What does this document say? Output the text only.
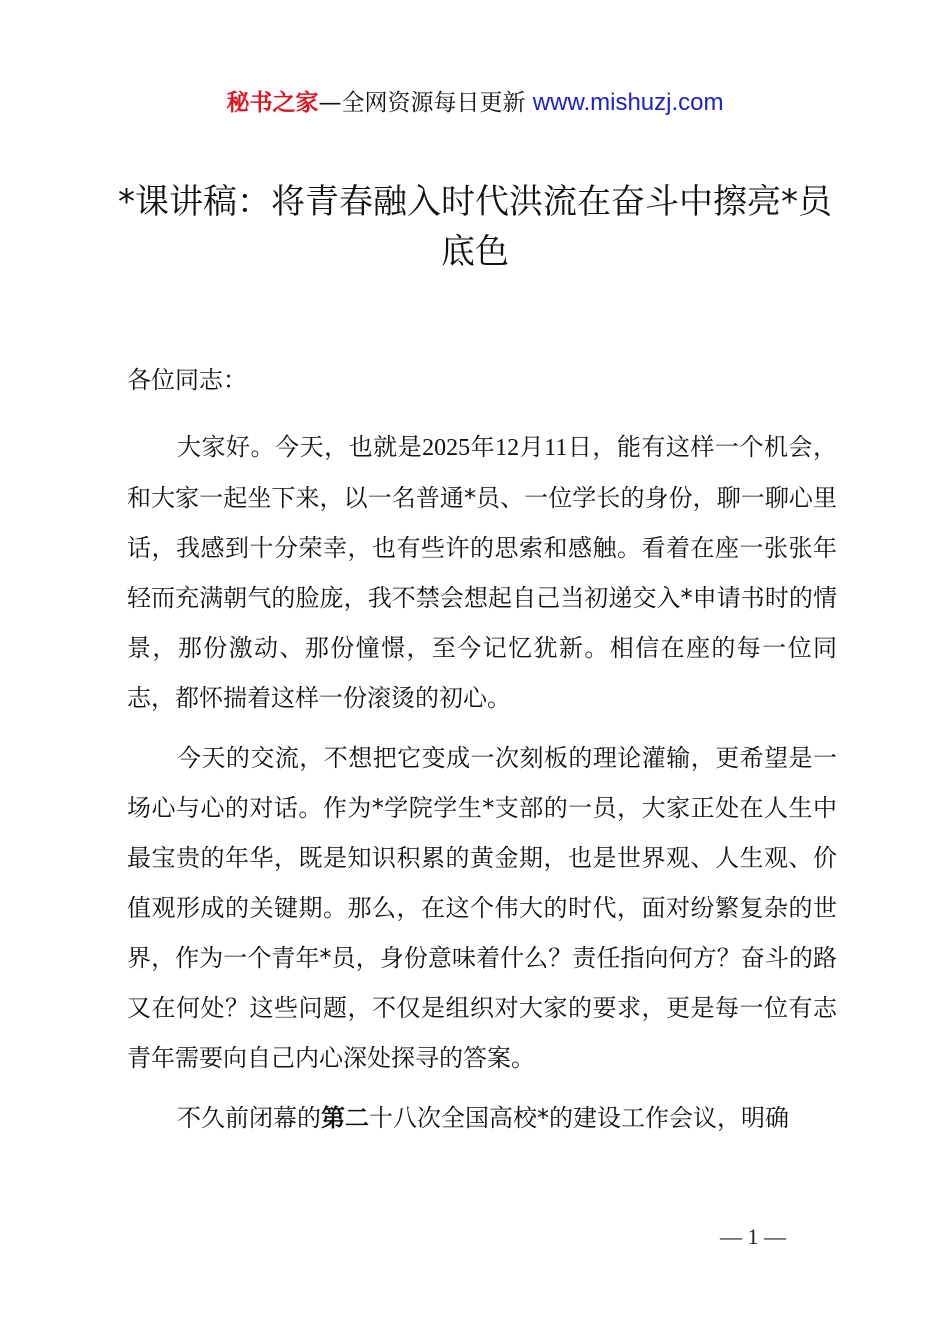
秘书之家—全网资源每日更新 www.mishuzj.com
*课讲稿：将青春融入时代洪流在奋斗中擦亮*员底色

各位同志：

大家好。今天，也就是2025年12月11日，能有这样一个机会，和大家一起坐下来，以一名普通*员、一位学长的身份，聊一聊心里话，我感到十分荣幸，也有些许的思索和感触。看着在座一张张年轻而充满朝气的脸庞，我不禁会想起自己当初递交入*申请书时的情景，那份激动、那份憧憬，至今记忆犹新。相信在座的每一位同志，都怀揣着这样一份滚烫的初心。

今天的交流，不想把它变成一次刻板的理论灌输，更希望是一场心与心的对话。作为*学院学生*支部的一员，大家正处在人生中最宝贵的年华，既是知识积累的黄金期，也是世界观、人生观、价值观形成的关键期。那么，在这个伟大的时代，面对纷繁复杂的世界，作为一个青年*员，身份意味着什么？责任指向何方？奋斗的路又在何处？这些问题，不仅是组织对大家的要求，更是每一位有志青年需要向自己内心深处探寻的答案。

不久前闭幕的第二十八次全国高校*的建设工作会议，明确

— 1 —
